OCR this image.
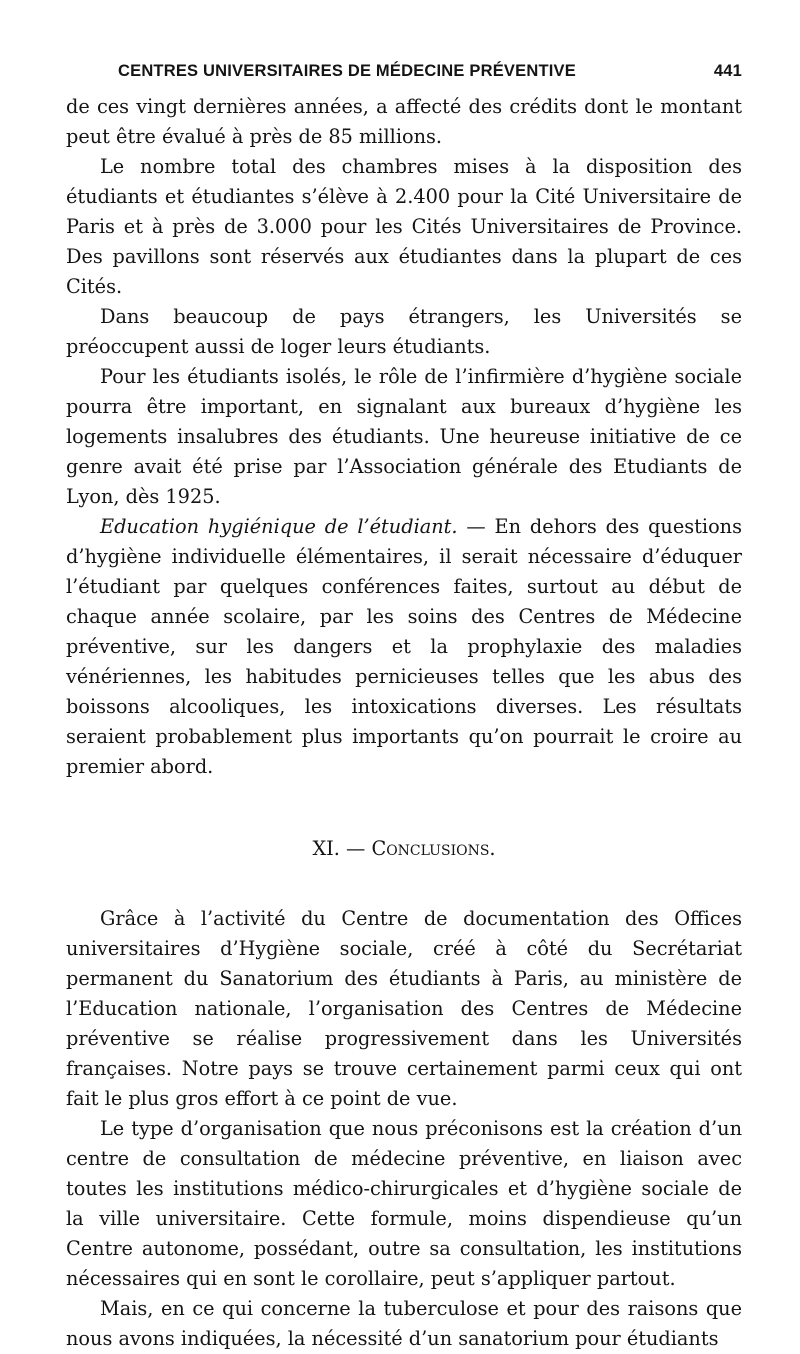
CENTRES UNIVERSITAIRES DE MÉDECINE PRÉVENTIVE	441

de ces vingt dernières années, a affecté des crédits dont le montant peut être évalué à près de 85 millions.

Le nombre total des chambres mises à la disposition des étudiants et étudiantes s’élève à 2.400 pour la Cité Universitaire de Paris et à près de 3.000 pour les Cités Universitaires de Province. Des pavillons sont réservés aux étudiantes dans la plupart de ces Cités.

Dans beaucoup de pays étrangers, les Universités se préoccupent aussi de loger leurs étudiants.

Pour les étudiants isolés, le rôle de l’infirmière d’hygiène sociale pourra être important, en signalant aux bureaux d’hygiène les logements insalubres des étudiants. Une heureuse initiative de ce genre avait été prise par l’Association générale des Etudiants de Lyon, dès 1925.

Education hygiénique de l’étudiant. — En dehors des questions d’hygiène individuelle élémentaires, il serait nécessaire d’éduquer l’étudiant par quelques conférences faites, surtout au début de chaque année scolaire, par les soins des Centres de Médecine préventive, sur les dangers et la prophylaxie des maladies vénériennes, les habitudes pernicieuses telles que les abus des boissons alcooliques, les intoxications diverses. Les résultats seraient probablement plus importants qu’on pourrait le croire au premier abord.

XI. — Conclusions.

Grâce à l’activité du Centre de documentation des Offices universitaires d’Hygiène sociale, créé à côté du Secrétariat permanent du Sanatorium des étudiants à Paris, au ministère de l’Education nationale, l’organisation des Centres de Médecine préventive se réalise progressivement dans les Universités françaises. Notre pays se trouve certainement parmi ceux qui ont fait le plus gros effort à ce point de vue.

Le type d’organisation que nous préconisons est la création d’un centre de consultation de médecine préventive, en liaison avec toutes les institutions médico-chirurgicales et d’hygiène sociale de la ville universitaire. Cette formule, moins dispendieuse qu’un Centre autonome, possédant, outre sa consultation, les institutions nécessaires qui en sont le corollaire, peut s’appliquer partout.

Mais, en ce qui concerne la tuberculose et pour des raisons que nous avons indiquées, la nécessité d’un sanatorium pour étudiants
